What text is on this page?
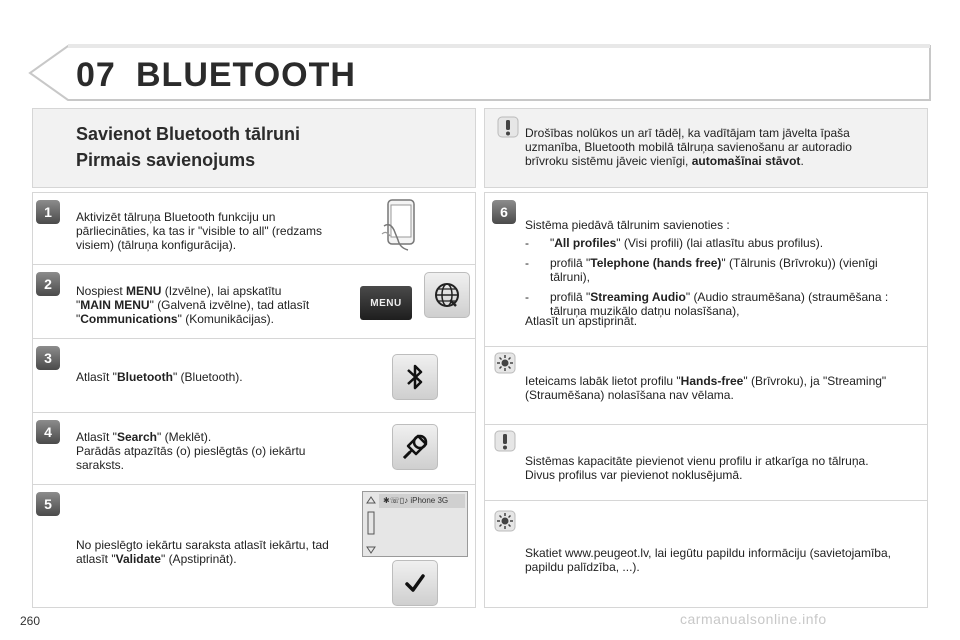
07 BLUETOOTH
Savienot Bluetooth tālruni
Pirmais savienojums
1	Aktivizēt tālruņa Bluetooth funkciju un
pārliecināties, ka tas ir "visible to all" (redzams
visiem) (tālruņa konfigurācija).
2	Nospiest MENU (Izvēlne), lai apskatītu
"MAIN MENU" (Galvenā izvēlne), tad atlasīt
"Communications" (Komunikācijas).
MENU
3
Atlasīt "Bluetooth" (Bluetooth).
4	Atlasīt "Search" (Meklēt).
Parādās atpazītās (o) pieslēgtās (o) iekārtu
saraksts.
5	✱☏▯♪ iPhone 3G
No pieslēgto iekārtu saraksta atlasīt iekārtu, tad
atlasīt "Validate" (Apstiprināt).
Drošības nolūkos un arī tādēļ, ka vadītājam tam jāvelta īpaša
uzmanība, Bluetooth mobilā tālruņa savienošanu ar autoradio
brīvroku sistēmu jāveic vienīgi, automašīnai stāvot.
6
Sistēma piedāvā tālrunim savienoties :
- "All profiles" (Visi profili) (lai atlasītu abus profilus).
- profilā "Telephone (hands free)" (Tālrunis (Brīvroku)) (vienīgi
tālruni),
- profilā "Streaming Audio" (Audio straumēšana) (straumēšana :
tālruņa muzikālo datņu nolasīšana),
Atlasīt un apstiprināt.
Ieteicams labāk lietot profilu "Hands-free" (Brīvroku), ja "Streaming"
(Straumēšana) nolasīšana nav vēlama.
Sistēmas kapacitāte pievienot vienu profilu ir atkarīga no tālruņa.
Divus profilus var pievienot noklusējumā.
Skatiet www.peugeot.lv, lai iegūtu papildu informāciju (savietojamība,
papildu palīdzība, ...).
260	carmanualsonline.info
